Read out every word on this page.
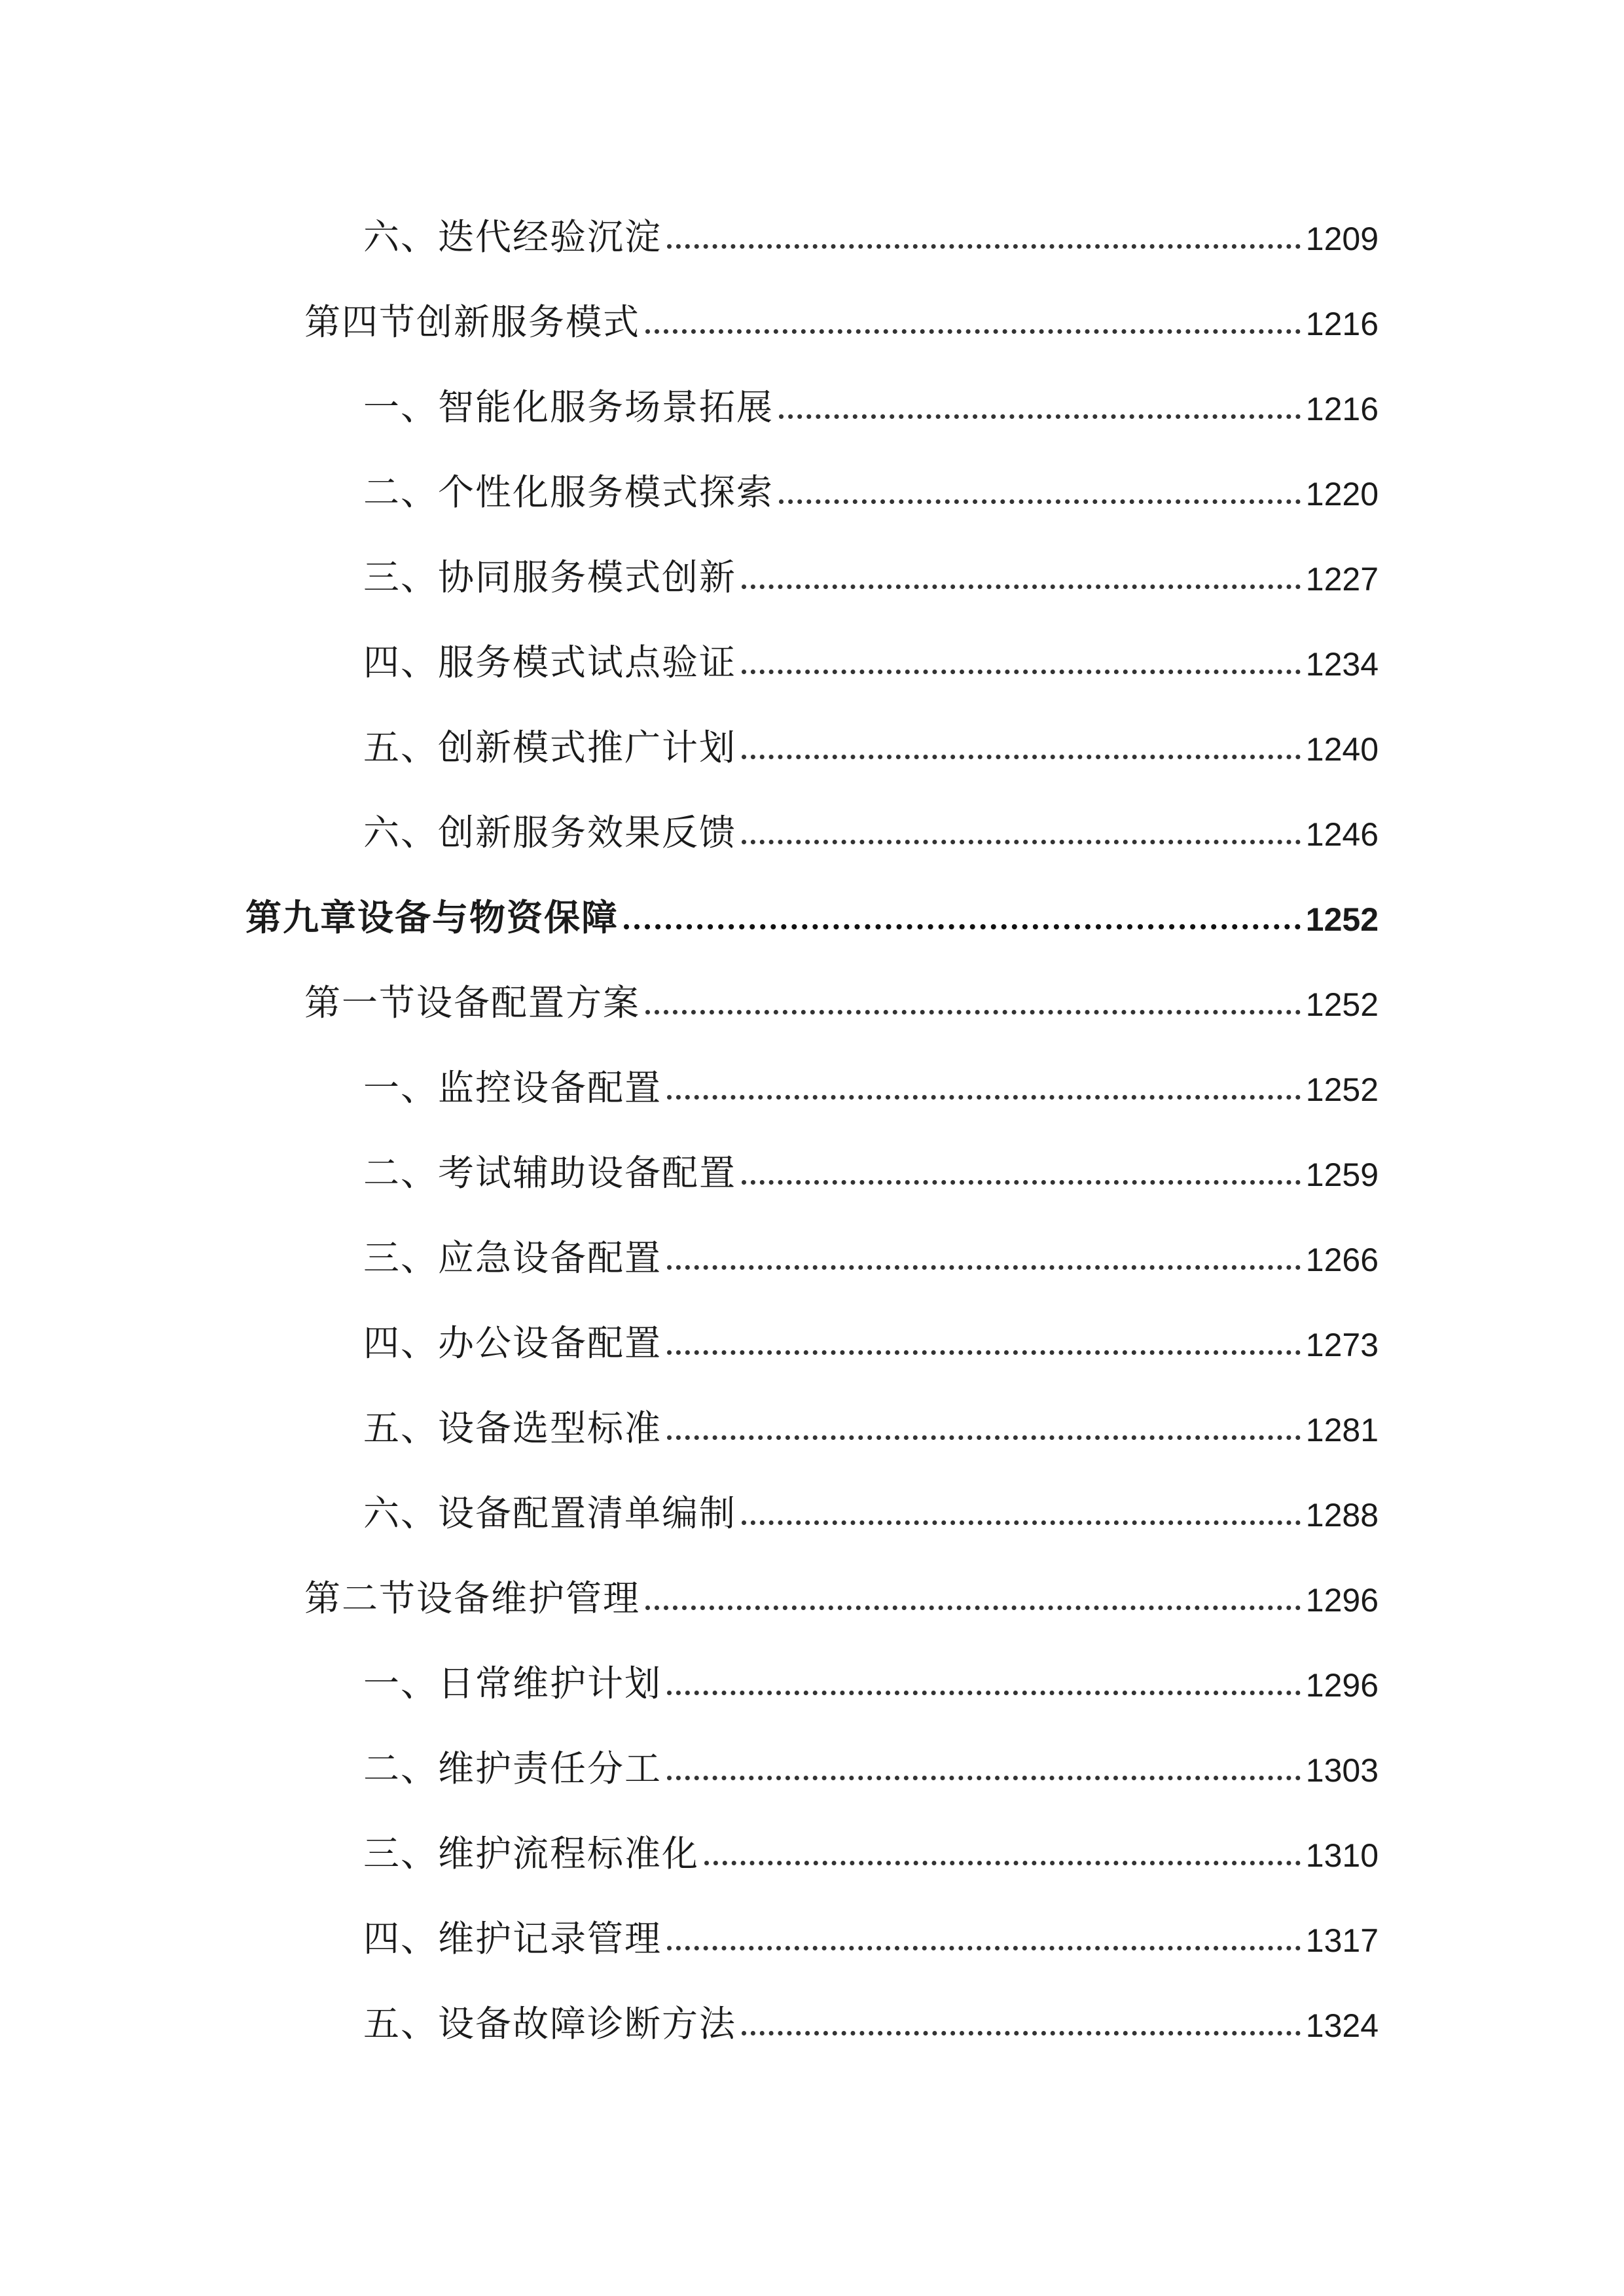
六、迭代经验沉淀	1209
第四节创新服务模式	1216
一、智能化服务场景拓展	1216
二、个性化服务模式探索	1220
三、协同服务模式创新	1227
四、服务模式试点验证	1234
五、创新模式推广计划	1240
六、创新服务效果反馈	1246
第九章设备与物资保障	1252
第一节设备配置方案	1252
一、监控设备配置	1252
二、考试辅助设备配置	1259
三、应急设备配置	1266
四、办公设备配置	1273
五、设备选型标准	1281
六、设备配置清单编制	1288
第二节设备维护管理	1296
一、日常维护计划	1296
二、维护责任分工	1303
三、维护流程标准化	1310
四、维护记录管理	1317
五、设备故障诊断方法	1324
